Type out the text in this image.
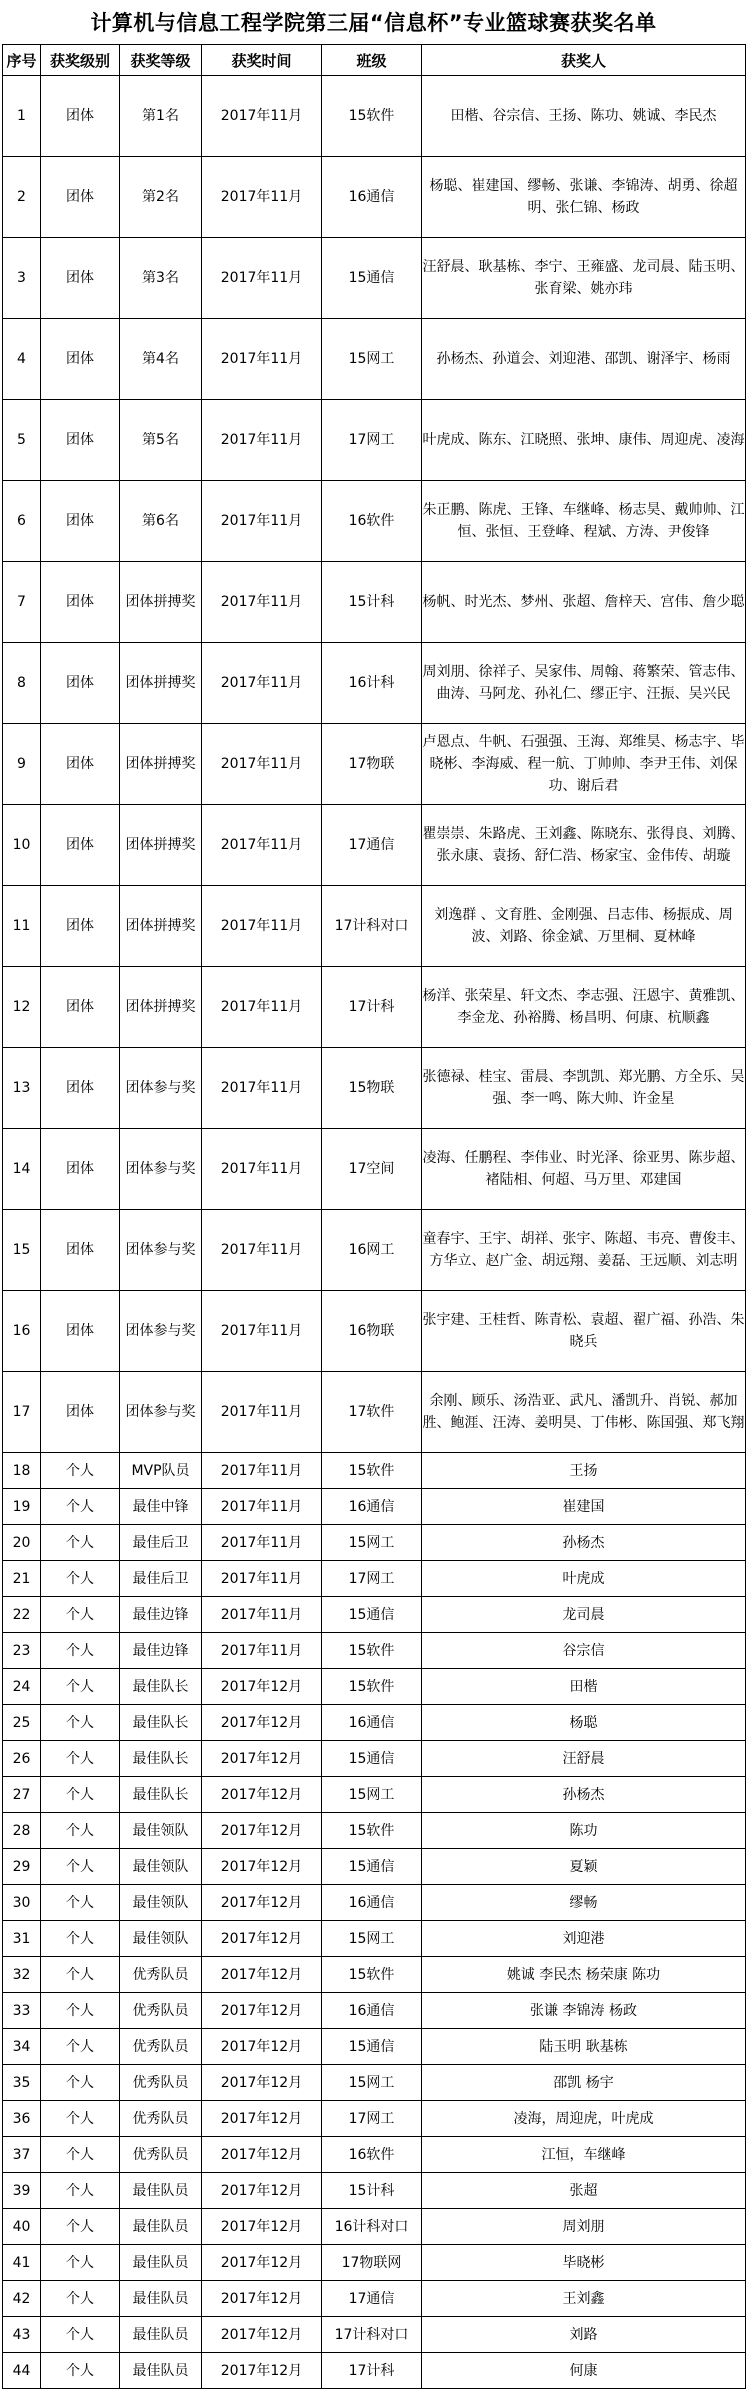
计算机与信息工程学院第三届“信息杯”专业篮球赛获奖名单
序号	获奖级别	获奖等级	获奖时间	班级	获奖人
1	团体	第1名	2017年11月	15软件	田楷、谷宗信、王扬、陈功、姚诚、李民杰
2	团体	第2名	2017年11月	16通信	杨聪、崔建国、缪畅、张谦、李锦涛、胡勇、徐超明、张仁锦、杨政
3	团体	第3名	2017年11月	15通信	汪舒晨、耿基栋、李宁、王雍盛、龙司晨、陆玉明、张育梁、姚亦玮
4	团体	第4名	2017年11月	15网工	孙杨杰、孙道会、刘迎港、邵凯、谢泽宇、杨雨
5	团体	第5名	2017年11月	17网工	叶虎成、陈东、江晓照、张坤、康伟、周迎虎、凌海
6	团体	第6名	2017年11月	16软件	朱正鹏、陈虎、王锋、车继峰、杨志昊、戴帅帅、江恒、张恒、王登峰、程斌、方涛、尹俊锋
7	团体	团体拼搏奖	2017年11月	15计科	杨帆、时光杰、梦州、张超、詹梓天、宫伟、詹少聪
8	团体	团体拼搏奖	2017年11月	16计科	周刘朋、徐祥子、吴家伟、周翰、蒋繁荣、管志伟、曲涛、马阿龙、孙礼仁、缪正宇、汪振、吴兴民
9	团体	团体拼搏奖	2017年11月	17物联	卢恩点、牛帆、石强强、王海、郑维昊、杨志宇、毕晓彬、李海威、程一航、丁帅帅、李尹王伟、刘保功、谢后君
10	团体	团体拼搏奖	2017年11月	17通信	瞿崇崇、朱路虎、王刘鑫、陈晓东、张得良、刘腾、张永康、袁扬、舒仁浩、杨家宝、金伟传、胡璇
11	团体	团体拼搏奖	2017年11月	17计科对口	刘逸群 、文育胜、金刚强、吕志伟、杨振成、周波、刘路、徐金斌、万里桐、夏林峰
12	团体	团体拼搏奖	2017年11月	17计科	杨洋、张荣星、轩文杰、李志强、汪恩宇、黄雅凯、李金龙、孙裕腾、杨昌明、何康、杭顺鑫
13	团体	团体参与奖	2017年11月	15物联	张德禄、桂宝、雷晨、李凯凯、郑光鹏、方全乐、吴强、李一鸣、陈大帅、许金星
14	团体	团体参与奖	2017年11月	17空间	凌海、任鹏程、李伟业、时光泽、徐亚男、陈步超、褚陆相、何超、马万里、邓建国
15	团体	团体参与奖	2017年11月	16网工	童春宇、王宇、胡祥、张宇、陈超、韦亮、曹俊丰、方华立、赵广金、胡远翔、姜磊、王远顺、刘志明
16	团体	团体参与奖	2017年11月	16物联	张宇建、王桂哲、陈青松、袁超、翟广福、孙浩、朱晓兵
17	团体	团体参与奖	2017年11月	17软件	余刚、顾乐、汤浩亚、武凡、潘凯升、肖锐、郝加胜、鲍涯、汪涛、姜明昊、丁伟彬、陈国强、郑飞翔
18	个人	MVP队员	2017年11月	15软件	王扬
19	个人	最佳中锋	2017年11月	16通信	崔建国
20	个人	最佳后卫	2017年11月	15网工	孙杨杰
21	个人	最佳后卫	2017年11月	17网工	叶虎成
22	个人	最佳边锋	2017年11月	15通信	龙司晨
23	个人	最佳边锋	2017年11月	15软件	谷宗信
24	个人	最佳队长	2017年12月	15软件	田楷
25	个人	最佳队长	2017年12月	16通信	杨聪
26	个人	最佳队长	2017年12月	15通信	汪舒晨
27	个人	最佳队长	2017年12月	15网工	孙杨杰
28	个人	最佳领队	2017年12月	15软件	陈功
29	个人	最佳领队	2017年12月	15通信	夏颖
30	个人	最佳领队	2017年12月	16通信	缪畅
31	个人	最佳领队	2017年12月	15网工	刘迎港
32	个人	优秀队员	2017年12月	15软件	姚诚 李民杰 杨荣康 陈功
33	个人	优秀队员	2017年12月	16通信	张谦 李锦涛 杨政
34	个人	优秀队员	2017年12月	15通信	陆玉明 耿基栋
35	个人	优秀队员	2017年12月	15网工	邵凯 杨宇
36	个人	优秀队员	2017年12月	17网工	凌海，周迎虎，叶虎成
37	个人	优秀队员	2017年12月	16软件	江恒，车继峰
39	个人	最佳队员	2017年12月	15计科	张超
40	个人	最佳队员	2017年12月	16计科对口	周刘朋
41	个人	最佳队员	2017年12月	17物联网	毕晓彬
42	个人	最佳队员	2017年12月	17通信	王刘鑫
43	个人	最佳队员	2017年12月	17计科对口	刘路
44	个人	最佳队员	2017年12月	17计科	何康
